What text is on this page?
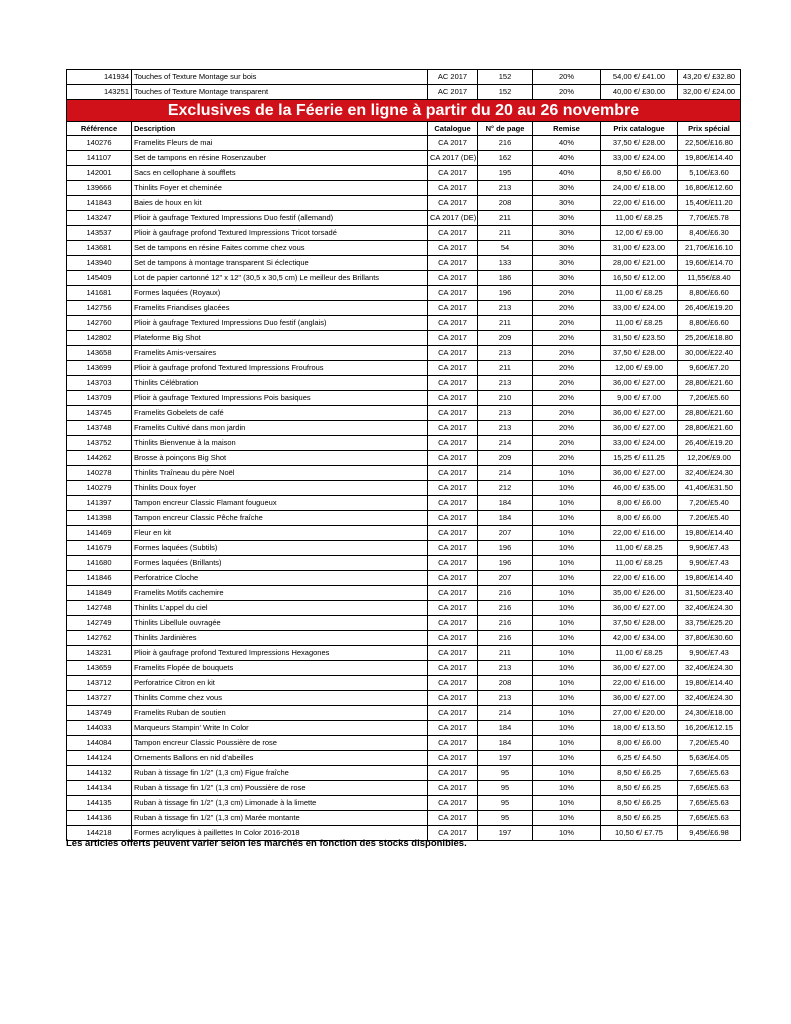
141934	Touches of Texture Montage sur bois	AC 2017	152	20%	54,00 €/ £41.00	43,20 €/ £32.80
143251	Touches of Texture Montage transparent	AC 2017	152	20%	40,00 €/ £30.00	32,00 €/ £24.00
Exclusives de la Féerie en ligne à partir du 20 au 26 novembre						
Référence	Description	Catalogue	N° de page	Remise	Prix catalogue	Prix spécial
140276	Framelits Fleurs de mai	CA 2017	216	40%	37,50 €/ £28.00	22,50€/£16.80
141107	Set de tampons en résine Rosenzauber	CA 2017 (DE)	162	40%	33,00 €/ £24.00	19,80€/£14.40
142001	Sacs en cellophane à soufflets	CA 2017	195	40%	8,50 €/ £6.00	5,10€/£3.60
139666	Thinlits Foyer et cheminée	CA 2017	213	30%	24,00 €/ £18.00	16,80€/£12.60
141843	Baies de houx en kit	CA 2017	208	30%	22,00 €/ £16.00	15,40€/£11.20
143247	Plioir à gaufrage Textured Impressions Duo festif (allemand)	CA 2017 (DE)	211	30%	11,00 €/ £8.25	7,70€/£5.78
143537	Plioir à gaufrage profond Textured Impressions Tricot torsadé	CA 2017	211	30%	12,00 €/ £9.00	8,40€/£6.30
143681	Set de tampons en résine Faites comme chez vous	CA 2017	54	30%	31,00 €/ £23.00	21,70€/£16.10
143940	Set de tampons à montage transparent Si éclectique	CA 2017	133	30%	28,00 €/ £21.00	19,60€/£14.70
145409	Lot de papier cartonné 12" x 12" (30,5 x 30,5 cm) Le meilleur des Brillants	CA 2017	186	30%	16,50 €/ £12.00	11,55€/£8.40
141681	Formes laquées (Royaux)	CA 2017	196	20%	11,00 €/ £8.25	8,80€/£6.60
142756	Framelits Friandises glacées	CA 2017	213	20%	33,00 €/ £24.00	26,40€/£19.20
142760	Plioir à gaufrage Textured Impressions Duo festif (anglais)	CA 2017	211	20%	11,00 €/ £8.25	8,80€/£6.60
142802	Plateforme Big Shot	CA 2017	209	20%	31,50 €/ £23.50	25,20€/£18.80
143658	Framelits Amis-versaires	CA 2017	213	20%	37,50 €/ £28.00	30,00€/£22.40
143699	Plioir à gaufrage profond Textured Impressions Froufrous	CA 2017	211	20%	12,00 €/ £9.00	9,60€/£7.20
143703	Thinlits Célébration	CA 2017	213	20%	36,00 €/ £27.00	28,80€/£21.60
143709	Plioir à gaufrage Textured Impressions Pois basiques	CA 2017	210	20%	9,00 €/ £7.00	7,20€/£5.60
143745	Framelits Gobelets de café	CA 2017	213	20%	36,00 €/ £27.00	28,80€/£21.60
143748	Framelits Cultivé dans mon jardin	CA 2017	213	20%	36,00 €/ £27.00	28,80€/£21.60
143752	Thinlits Bienvenue à la maison	CA 2017	214	20%	33,00 €/ £24.00	26,40€/£19.20
144262	Brosse à poinçons Big Shot	CA 2017	209	20%	15,25 €/ £11.25	12,20€/£9.00
140278	Thinlits Traîneau du père Noël	CA 2017	214	10%	36,00 €/ £27.00	32,40€/£24.30
140279	Thinlits Doux foyer	CA 2017	212	10%	46,00 €/ £35.00	41,40€/£31.50
141397	Tampon encreur Classic Flamant fougueux	CA 2017	184	10%	8,00 €/ £6.00	7,20€/£5.40
141398	Tampon encreur Classic Pêche fraîche	CA 2017	184	10%	8,00 €/ £6.00	7.20€/£5.40
141469	Fleur en kit	CA 2017	207	10%	22,00 €/ £16.00	19,80€/£14.40
141679	Formes laquées (Subtils)	CA 2017	196	10%	11,00 €/ £8.25	9,90€/£7.43
141680	Formes laquées (Brillants)	CA 2017	196	10%	11,00 €/ £8.25	9,90€/£7.43
141846	Perforatrice Cloche	CA 2017	207	10%	22,00 €/ £16.00	19,80€/£14.40
141849	Framelits Motifs cachemire	CA 2017	216	10%	35,00 €/ £26.00	31,50€/£23.40
142748	Thinlits L'appel du ciel	CA 2017	216	10%	36,00 €/ £27.00	32,40€/£24.30
142749	Thinlits Libellule ouvragée	CA 2017	216	10%	37,50 €/ £28.00	33,75€/£25.20
142762	Thinlits Jardinières	CA 2017	216	10%	42,00 €/ £34.00	37,80€/£30.60
143231	Plioir à gaufrage profond Textured Impressions Hexagones	CA 2017	211	10%	11,00 €/ £8.25	9,90€/£7.43
143659	Framelits Flopée de bouquets	CA 2017	213	10%	36,00 €/ £27.00	32,40€/£24.30
143712	Perforatrice Citron en kit	CA 2017	208	10%	22,00 €/ £16.00	19,80€/£14.40
143727	Thinlits Comme chez vous	CA 2017	213	10%	36,00 €/ £27.00	32,40€/£24.30
143749	Framelits Ruban de soutien	CA 2017	214	10%	27,00 €/ £20.00	24,30€/£18.00
144033	Marqueurs Stampin' Write In Color	CA 2017	184	10%	18,00 €/ £13.50	16,20€/£12.15
144084	Tampon encreur Classic Poussière de rose	CA 2017	184	10%	8,00 €/ £6.00	7,20€/£5.40
144124	Ornements Ballons en nid d'abeilles	CA 2017	197	10%	6,25 €/ £4.50	5,63€/£4.05
144132	Ruban à tissage fin 1/2" (1,3 cm) Figue fraîche	CA 2017	95	10%	8,50 €/ £6.25	7,65€/£5.63
144134	Ruban à tissage fin 1/2" (1,3 cm) Poussière de rose	CA 2017	95	10%	8,50 €/ £6.25	7,65€/£5.63
144135	Ruban à tissage fin 1/2" (1,3 cm) Limonade à la limette	CA 2017	95	10%	8,50 €/ £6.25	7,65€/£5.63
144136	Ruban à tissage fin 1/2" (1,3 cm) Marée montante	CA 2017	95	10%	8,50 €/ £6.25	7,65€/£5.63
144218	Formes acryliques à paillettes In Color 2016-2018	CA 2017	197	10%	10,50 €/ £7.75	9,45€/£6.98
Les articles offerts peuvent varier selon les marchés en fonction des stocks disponibles.
